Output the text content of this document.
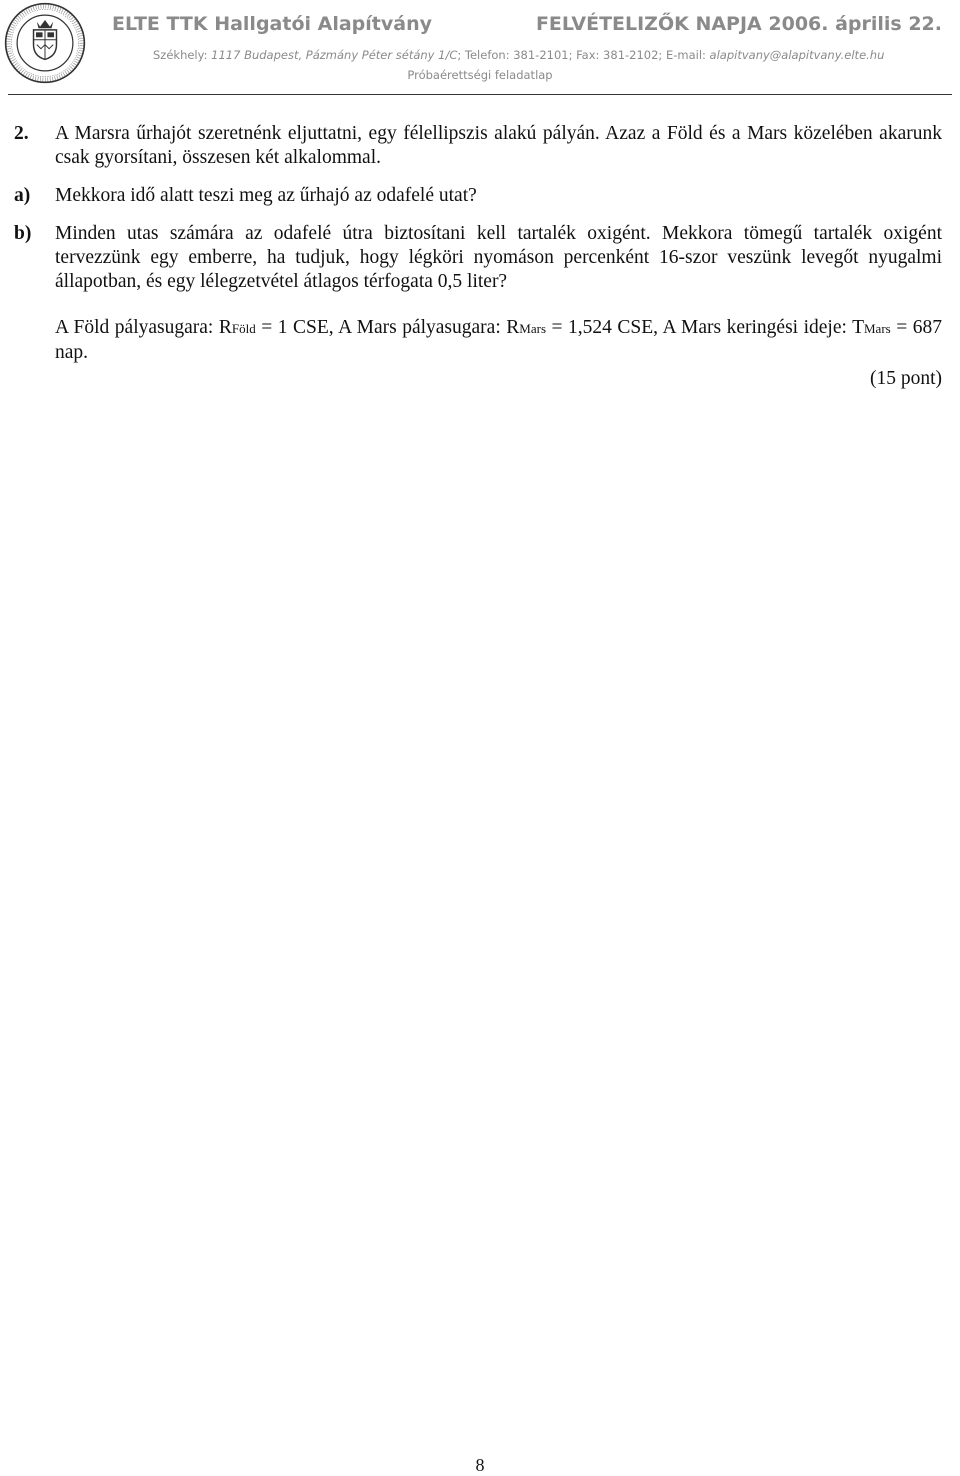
ELTE TTK Hallgatói Alapítvány	FELVÉTELIZŐK NAPJA 2006. április 22.
Székhely: 1117 Budapest, Pázmány Péter sétány 1/C; Telefon: 381-2101; Fax: 381-2102; E-mail: alapitvany@alapitvany.elte.hu
Próbaérettségi feladatlap
2. A Marsra űrhajót szeretnénk eljuttatni, egy félellipszis alakú pályán. Azaz a Föld és a Mars közelében akarunk csak gyorsítani, összesen két alkalommal.
a) Mekkora idő alatt teszi meg az űrhajó az odafelé utat?
b) Minden utas számára az odafelé útra biztosítani kell tartalék oxigént. Mekkora tömegű tartalék oxigént tervezzünk egy emberre, ha tudjuk, hogy légköri nyomáson percenként 16-szor veszünk levegőt nyugalmi állapotban, és egy lélegzetvétel átlagos térfogata 0,5 liter?
A Föld pályasugara: RFöld = 1 CSE, A Mars pályasugara: RMars = 1,524 CSE, A Mars keringési ideje: TMars = 687 nap.
(15 pont)
8
